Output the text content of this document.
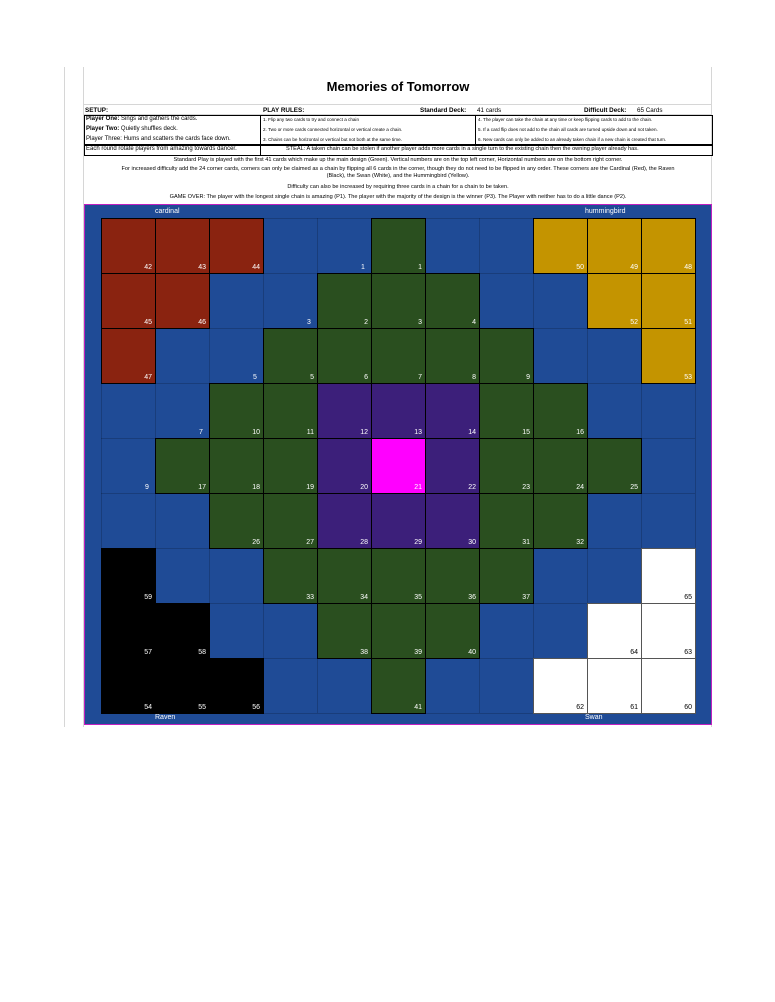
Memories of Tomorrow
SETUP:	PLAY RULES:	Standard Deck: 41 cards	Difficult Deck: 65 Cards
Player One: Sings and gathers the cards.
Player Two: Quietly shuffles deck.
Player Three: Hums and scatters the cards face down.
Each round rotate players from amazing towards dancer.
1. Flip any two cards to try and connect a chain
2. Two or more cards connected horizontal or vertical create a chain.
3. Chains can be horizontal or vertical but not both at the same time.
4. The player can take the chain at any time or keep flipping cards to add to the chain.
5. If a card flip does not add to the chain all cards are turned upside down and not taken.
6. New cards can only be added to an already taken chain if a new chain is created that turn.
STEAL: A taken chain can be stolen if another player adds more cards in a single turn to the existing chain then the owning player already has.
Standard Play is played with the first 41 cards which make up the main design (Green). Vertical numbers are on the top left corner, Horizontal numbers are on the bottom right corner.
For increased difficulty add the 24 corner cards, corners can only be claimed as a chain by flipping all 6 cards in the corner, though they do not need to be flipped in any order. These corners are the Cardinal (Red), the Raven (Black), the Swan (White), and the Hummingbird (Yellow).
Difficulty can also be increased by requiring three cards in a chain for a chain to be taken.
GAME OVER: The player with the longest single chain is amazing (P1). The player with the majority of the design is the winner (P3). The Player with neither has to do a little dance (P2).
cardinal	hummingbird
Raven	Swan
42	43	44
45	46
47
50	49	48
52	51
53
59
57	58
54	55	56
65
64	63
62	61	60
1
2	3	4
5	6	7	8	9
10	11	12	13	14	15	16
17	18	19	20	21	22	23	24	25
26	27	28	29	30	31	32
33	34	35	36	37
38	39	40
41
1
3
5
7
9
